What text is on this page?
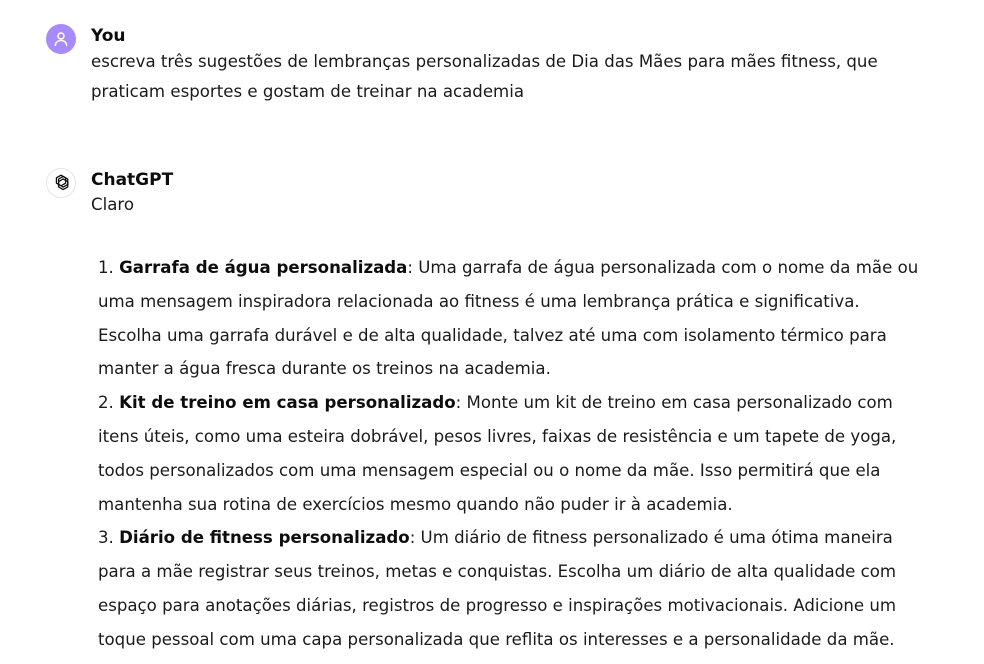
You
escreva três sugestões de lembranças personalizadas de Dia das Mães para mães fitness, que praticam esportes e gostam de treinar na academia
ChatGPT
Claro
1. Garrafa de água personalizada: Uma garrafa de água personalizada com o nome da mãe ou uma mensagem inspiradora relacionada ao fitness é uma lembrança prática e significativa. Escolha uma garrafa durável e de alta qualidade, talvez até uma com isolamento térmico para manter a água fresca durante os treinos na academia.
2. Kit de treino em casa personalizado: Monte um kit de treino em casa personalizado com itens úteis, como uma esteira dobrável, pesos livres, faixas de resistência e um tapete de yoga, todos personalizados com uma mensagem especial ou o nome da mãe. Isso permitirá que ela mantenha sua rotina de exercícios mesmo quando não puder ir à academia.
3. Diário de fitness personalizado: Um diário de fitness personalizado é uma ótima maneira para a mãe registrar seus treinos, metas e conquistas. Escolha um diário de alta qualidade com espaço para anotações diárias, registros de progresso e inspirações motivacionais. Adicione um toque pessoal com uma capa personalizada que reflita os interesses e a personalidade da mãe.
